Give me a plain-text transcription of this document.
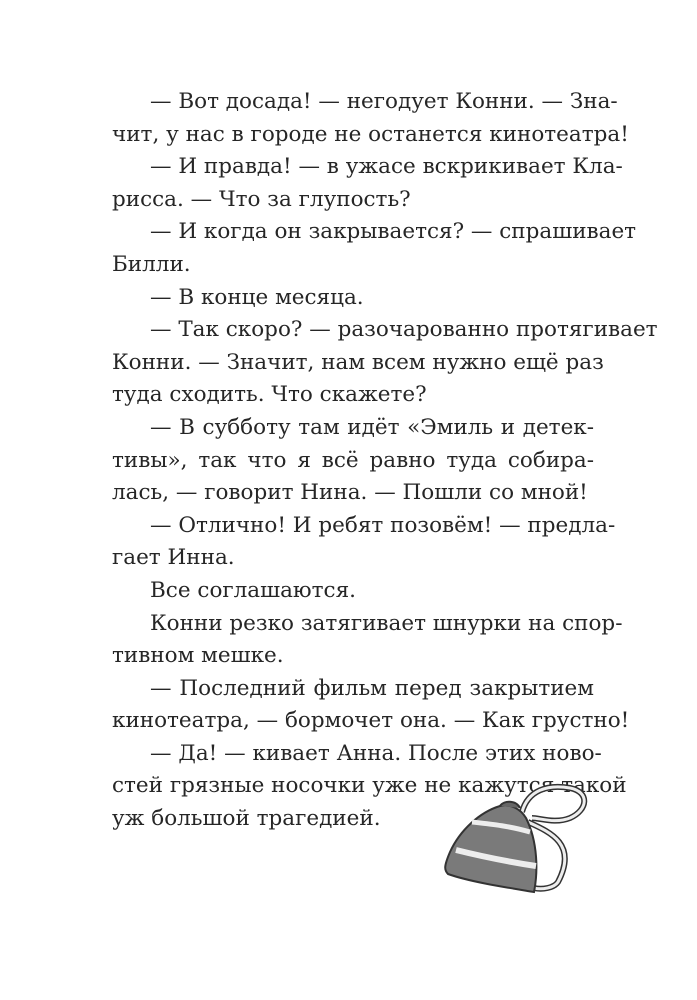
— Вот досада! — негодует Конни. — Зна-
чит, у нас в городе не останется кинотеатра!
— И правда! — в ужасе вскрикивает Кла-
рисса. — Что за глупость?
— И когда он закрывается? — спрашивает
Билли.
— В конце месяца.
— Так скоро? — разочарованно протягивает
Конни. — Значит, нам всем нужно ещё раз
туда сходить. Что скажете?
— В субботу там идёт «Эмиль и детек-
тивы», так что я всё равно туда собира-
лась, — говорит Нина. — Пошли со мной!
— Отлично! И ребят позовём! — предла-
гает Инна.
Все соглашаются.
Конни резко затягивает шнурки на спор-
тивном мешке.
— Последний фильм перед закрытием
кинотеатра, — бормочет она. — Как грустно!
— Да! — кивает Анна. После этих ново-
стей грязные носочки уже не кажутся такой
уж большой трагедией.
